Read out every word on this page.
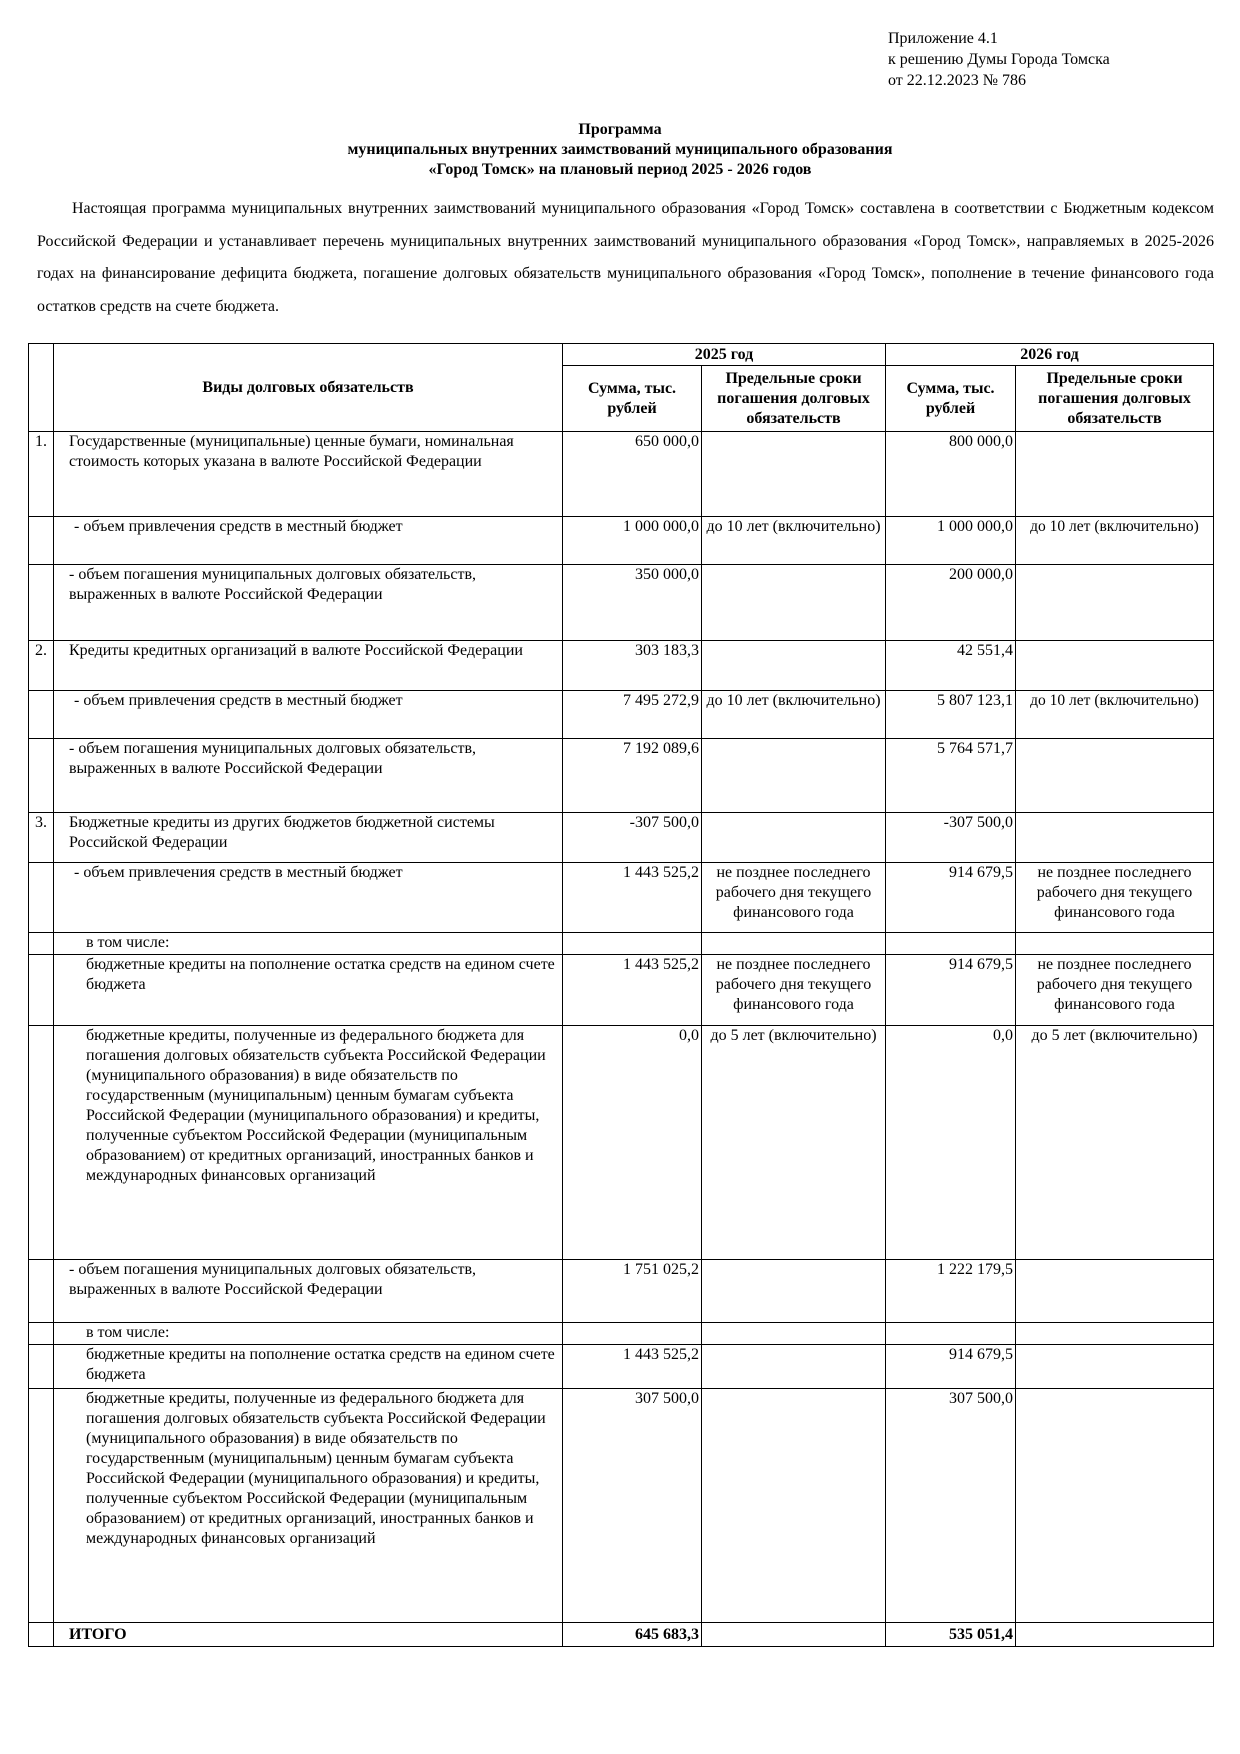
Приложение 4.1
к решению Думы Города Томска
от 22.12.2023 № 786
Программа
муниципальных внутренних заимствований муниципального образования
«Город Томск» на плановый период 2025 - 2026 годов
Настоящая программа муниципальных внутренних заимствований муниципального образования «Город Томск» составлена в соответствии с Бюджетным кодексом Российской Федерации и устанавливает перечень муниципальных внутренних заимствований муниципального образования «Город Томск», направляемых в 2025-2026 годах на финансирование дефицита бюджета, погашение долговых обязательств муниципального образования «Город Томск», пополнение в течение финансового года остатков средств на счете бюджета.
	Виды долговых обязательств	2025 год		2026 год	
		Сумма, тыс. рублей	Предельные сроки погашения долговых обязательств	Сумма, тыс. рублей	Предельные сроки погашения долговых обязательств
1.	Государственные (муниципальные) ценные бумаги, номинальная стоимость которых указана в валюте Российской Федерации	650 000,0		800 000,0	
	- объем привлечения средств в местный бюджет	1 000 000,0	до 10 лет (включительно)	1 000 000,0	до 10 лет (включительно)
	- объем погашения муниципальных долговых обязательств, выраженных в валюте Российской Федерации	350 000,0		200 000,0	
2.	Кредиты кредитных организаций в валюте Российской Федерации	303 183,3		42 551,4	
	- объем привлечения средств в местный бюджет	7 495 272,9	до 10 лет (включительно)	5 807 123,1	до 10 лет (включительно)
	- объем погашения муниципальных долговых обязательств, выраженных в валюте Российской Федерации	7 192 089,6		5 764 571,7	
3.	Бюджетные кредиты из других бюджетов бюджетной системы Российской Федерации	-307 500,0		-307 500,0	
	- объем привлечения средств в местный бюджет	1 443 525,2	не позднее последнего рабочего дня текущего финансового года	914 679,5	не позднее последнего рабочего дня текущего финансового года
	в том числе:				
	бюджетные кредиты на пополнение остатка средств на едином счете бюджета	1 443 525,2	не позднее последнего рабочего дня текущего финансового года	914 679,5	не позднее последнего рабочего дня текущего финансового года
	бюджетные кредиты, полученные из федерального бюджета для погашения долговых обязательств субъекта Российской Федерации (муниципального образования) в виде обязательств по государственным (муниципальным) ценным бумагам субъекта Российской Федерации (муниципального образования) и кредиты, полученные субъектом Российской Федерации (муниципальным образованием) от кредитных организаций, иностранных банков и международных финансовых организаций	0,0	до 5 лет (включительно)	0,0	до 5 лет (включительно)
	- объем погашения муниципальных долговых обязательств, выраженных в валюте Российской Федерации	1 751 025,2		1 222 179,5	
	в том числе:				
	бюджетные кредиты на пополнение остатка средств на едином счете бюджета	1 443 525,2		914 679,5	
	бюджетные кредиты, полученные из федерального бюджета для погашения долговых обязательств субъекта Российской Федерации (муниципального образования) в виде обязательств по государственным (муниципальным) ценным бумагам субъекта Российской Федерации (муниципального образования) и кредиты, полученные субъектом Российской Федерации (муниципальным образованием) от кредитных организаций, иностранных банков и международных финансовых организаций	307 500,0		307 500,0	
	ИТОГО	645 683,3		535 051,4	
